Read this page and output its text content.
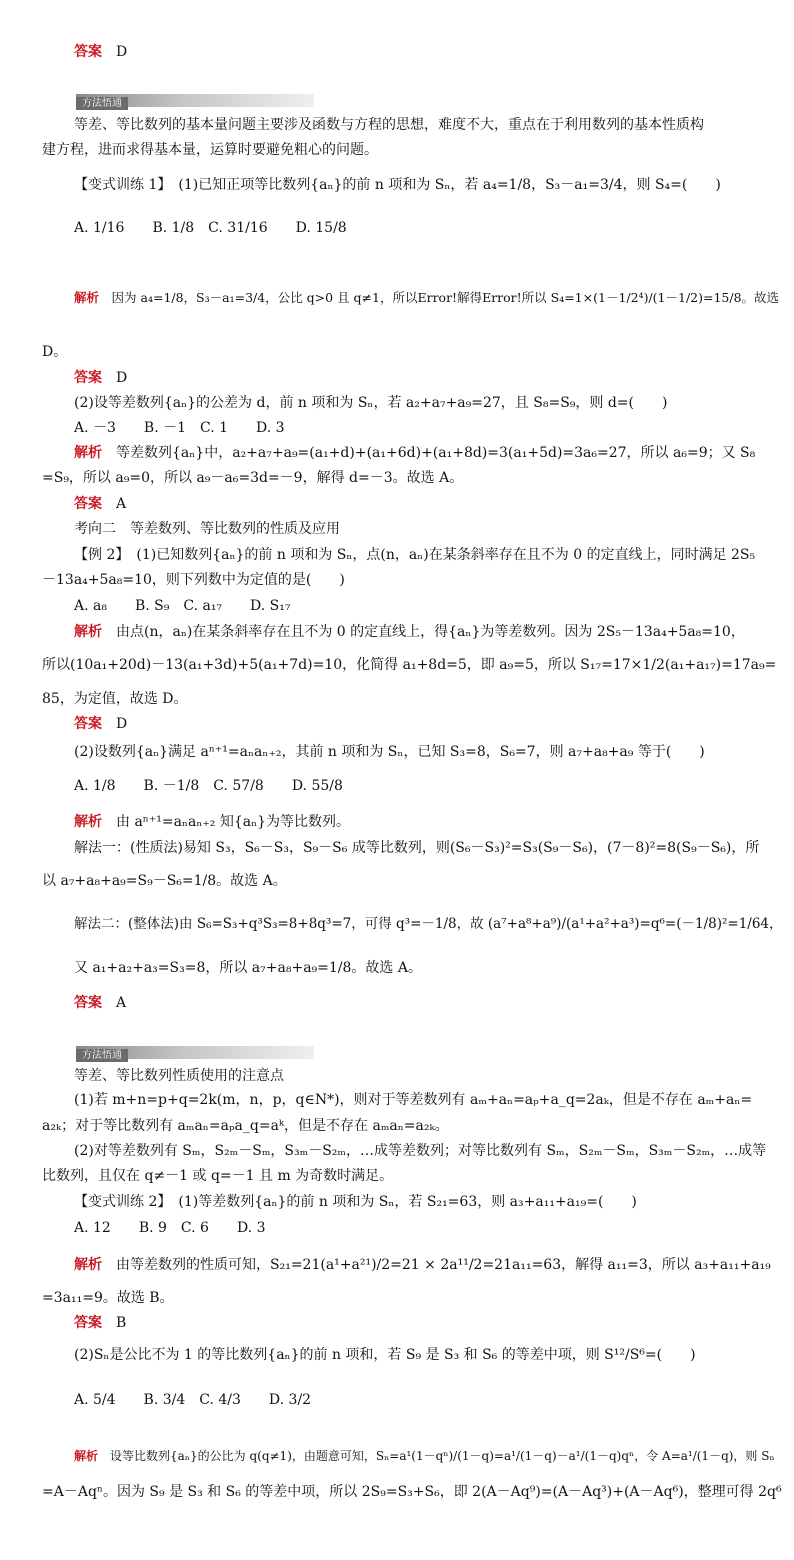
答案　 D
方法悟通
等差、等比数列的基本量问题主要涉及函数与方程的思想，难度不大，重点在于利用数列的基本性质构
建方程，进而求得基本量，运算时要避免粗心的问题。
【变式训练 1】　(1)已知正项等比数列{aₙ}的前 n 项和为 Sₙ，若 a₄=1/8，S₃－a₁=3/4，则 S₄=(　　)
A. 1/16　　B. 1/8　C. 31/16　　D. 15/8
解析　 因为 a₄=1/8，S₃－a₁=3/4，公比 q>0 且 q≠1，所以Error!解得Error!所以 S₄=1×(1－1/2⁴)/(1－1/2)=15/8。故选
D。
答案　 D
(2)设等差数列{aₙ}的公差为 d，前 n 项和为 Sₙ，若 a₂+a₇+a₉=27，且 S₈=S₉，则 d=(　　)
A. －3　　B. －1　C. 1　　D. 3
解析　 等差数列{aₙ}中，a₂+a₇+a₉=(a₁+d)+(a₁+6d)+(a₁+8d)=3(a₁+5d)=3a₆=27，所以 a₆=9；又 S₈
=S₉，所以 a₉=0，所以 a₉－a₆=3d=－9，解得 d=－3。故选 A。
答案　 A
考向二　等差数列、等比数列的性质及应用
【例 2】　(1)已知数列{aₙ}的前 n 项和为 Sₙ，点(n，aₙ)在某条斜率存在且不为 0 的定直线上，同时满足 2S₅
－13a₄+5a₈=10，则下列数中为定值的是(　　)
A. a₈　　B. S₉　C. a₁₇　　D. S₁₇
解析　 由点(n，aₙ)在某条斜率存在且不为 0 的定直线上，得{aₙ}为等差数列。因为 2S₅－13a₄+5a₈=10，
所以(10a₁+20d)－13(a₁+3d)+5(a₁+7d)=10，化简得 a₁+8d=5，即 a₉=5，所以 S₁₇=17×1/2(a₁+a₁₇)=17a₉=
85，为定值，故选 D。
答案　 D
(2)设数列{aₙ}满足 aⁿ⁺¹=aₙaₙ₊₂，其前 n 项和为 Sₙ，已知 S₃=8，S₆=7，则 a₇+a₈+a₉ 等于(　　)
A. 1/8　　B. －1/8　C. 57/8　　D. 55/8
解析　 由 aⁿ⁺¹=aₙaₙ₊₂ 知{aₙ}为等比数列。
解法一：(性质法)易知 S₃，S₆－S₃，S₉－S₆ 成等比数列，则(S₆－S₃)²=S₃(S₉－S₆)，(7－8)²=8(S₉－S₆)，所
以 a₇+a₈+a₉=S₉－S₆=1/8。故选 A。
解法二：(整体法)由 S₆=S₃+q³S₃=8+8q³=7，可得 q³=－1/8，故 (a⁷+a⁸+a⁹)/(a¹+a²+a³)=q⁶=(－1/8)²=1/64，
又 a₁+a₂+a₃=S₃=8，所以 a₇+a₈+a₉=1/8。故选 A。
答案　 A
方法悟通
等差、等比数列性质使用的注意点
(1)若 m+n=p+q=2k(m，n，p，q∈N*)，则对于等差数列有 aₘ+aₙ=aₚ+a_q=2aₖ，但是不存在 aₘ+aₙ=
a₂ₖ；对于等比数列有 aₘaₙ=aₚa_q=aᵏ，但是不存在 aₘaₙ=a₂ₖ。
(2)对等差数列有 Sₘ，S₂ₘ－Sₘ，S₃ₘ－S₂ₘ，…成等差数列；对等比数列有 Sₘ，S₂ₘ－Sₘ，S₃ₘ－S₂ₘ，…成等
比数列，且仅在 q≠－1 或 q=－1 且 m 为奇数时满足。
【变式训练 2】　(1)等差数列{aₙ}的前 n 项和为 Sₙ，若 S₂₁=63，则 a₃+a₁₁+a₁₉=(　　)
A. 12　　B. 9　C. 6　　D. 3
解析　 由等差数列的性质可知，S₂₁=21(a¹+a²¹)/2=21 × 2a¹¹/2=21a₁₁=63，解得 a₁₁=3，所以 a₃+a₁₁+a₁₉
=3a₁₁=9。故选 B。
答案　 B
(2)Sₙ是公比不为 1 的等比数列{aₙ}的前 n 项和，若 S₉ 是 S₃ 和 S₆ 的等差中项，则 S¹²/S⁶=(　　)
A. 5/4　　B. 3/4　C. 4/3　　D. 3/2
解析　 设等比数列{aₙ}的公比为 q(q≠1)，由题意可知，Sₙ=a¹(1－qⁿ)/(1－q)=a¹/(1－q)－a¹/(1－q)qⁿ，令 A=a¹/(1－q)，则 Sₙ
=A－Aqⁿ。因为 S₉ 是 S₃ 和 S₆ 的等差中项，所以 2S₉=S₃+S₆，即 2(A－Aq⁹)=(A－Aq³)+(A－Aq⁶)，整理可得 2q⁶
